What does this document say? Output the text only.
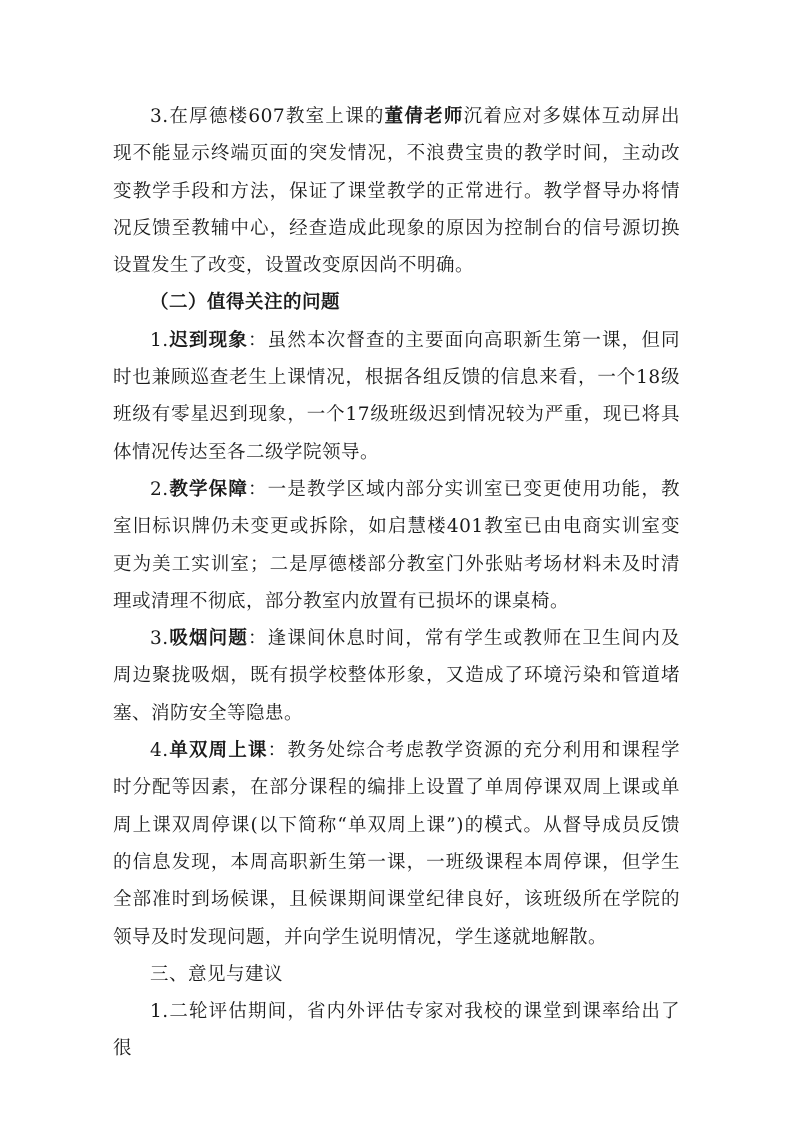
3.在厚德楼607教室上课的董倩老师沉着应对多媒体互动屏出现不能显示终端页面的突发情况，不浪费宝贵的教学时间，主动改变教学手段和方法，保证了课堂教学的正常进行。教学督导办将情况反馈至教辅中心，经查造成此现象的原因为控制台的信号源切换设置发生了改变，设置改变原因尚不明确。

（二）值得关注的问题

1.迟到现象：虽然本次督查的主要面向高职新生第一课，但同时也兼顾巡查老生上课情况，根据各组反馈的信息来看，一个18级班级有零星迟到现象，一个17级班级迟到情况较为严重，现已将具体情况传达至各二级学院领导。

2.教学保障：一是教学区域内部分实训室已变更使用功能，教室旧标识牌仍未变更或拆除，如启慧楼401教室已由电商实训室变更为美工实训室；二是厚德楼部分教室门外张贴考场材料未及时清理或清理不彻底，部分教室内放置有已损坏的课桌椅。

3.吸烟问题：逢课间休息时间，常有学生或教师在卫生间内及周边聚拢吸烟，既有损学校整体形象，又造成了环境污染和管道堵塞、消防安全等隐患。

4.单双周上课：教务处综合考虑教学资源的充分利用和课程学时分配等因素，在部分课程的编排上设置了单周停课双周上课或单周上课双周停课(以下简称“单双周上课”)的模式。从督导成员反馈的信息发现，本周高职新生第一课，一班级课程本周停课，但学生全部准时到场候课，且候课期间课堂纪律良好，该班级所在学院的领导及时发现问题，并向学生说明情况，学生遂就地解散。

三、意见与建议

1.二轮评估期间，省内外评估专家对我校的课堂到课率给出了很
